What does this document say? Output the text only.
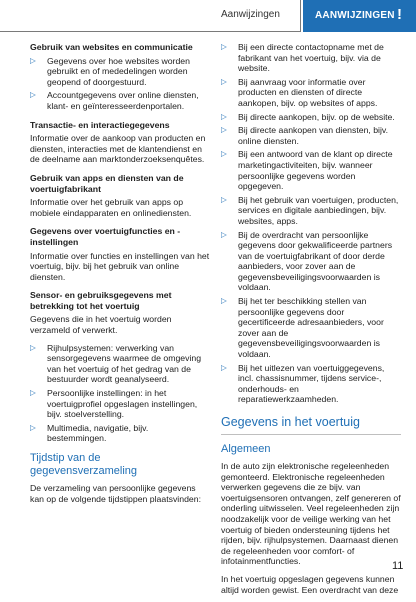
Aanwijzingen	AANWIJZINGEN !
Gebruik van websites en communicatie
▷ Gegevens over hoe websites worden gebruikt en of mededelingen worden geopend of doorgestuurd.
▷ Accountgegevens over online diensten, klant- en geïnteresseerdenportalen.
Transactie- en interactiegegevens
Informatie over de aankoop van producten en diensten, interacties met de klantendienst en de deelname aan marktonderzoeksenquêtes.
Gebruik van apps en diensten van de voertuigfabrikant
Informatie over het gebruik van apps op mobiele eindapparaten en onlinediensten.
Gegevens over voertuigfuncties en -instellingen
Informatie over functies en instellingen van het voertuig, bijv. bij het gebruik van online diensten.
Sensor- en gebruiksgegevens met betrekking tot het voertuig
Gegevens die in het voertuig worden verzameld of verwerkt.
▷ Rijhulpsystemen: verwerking van sensorgegevens waarmee de omgeving van het voertuig of het gedrag van de bestuurder wordt geanalyseerd.
▷ Persoonlijke instellingen: in het voertuigprofiel opgeslagen instellingen, bijv. stoelverstelling.
▷ Multimedia, navigatie, bijv. bestemmingen.
Tijdstip van de gegevensverzameling
De verzameling van persoonlijke gegevens kan op de volgende tijdstippen plaatsvinden:
▷ Bij een directe contactopname met de fabrikant van het voertuig, bijv. via de website.
▷ Bij aanvraag voor informatie over producten en diensten of directe aankopen, bijv. op websites of apps.
▷ Bij directe aankopen, bijv. op de website.
▷ Bij directe aankopen van diensten, bijv. online diensten.
▷ Bij een antwoord van de klant op directe marketingactiviteiten, bijv. wanneer persoonlijke gegevens worden opgegeven.
▷ Bij het gebruik van voertuigen, producten, services en digitale aanbiedingen, bijv. websites, apps.
▷ Bij de overdracht van persoonlijke gegevens door gekwalificeerde partners van de voertuigfabrikant of door derde aanbieders, voor zover aan de gegevensbeveiligingsvoorwaarden is voldaan.
▷ Bij het ter beschikking stellen van persoonlijke gegevens door gecertificeerde adresaanbieders, voor zover aan de gegevensbeveiligingsvoorwaarden is voldaan.
▷ Bij het uitlezen van voertuiggegevens, incl. chassisnummer, tijdens service-, onderhouds- en reparatiewerkzaamheden.
Gegevens in het voertuig
Algemeen
In de auto zijn elektronische regeleenheden gemonteerd. Elektronische regeleenheden verwerken gegevens die ze bijv. van voertuigsensoren ontvangen, zelf genereren of onderling uitwisselen. Veel regeleenheden zijn noodzakelijk voor de veilige werking van het voertuig of bieden ondersteuning tijdens het rijden, bijv. rijhulpsystemen. Daarnaast dienen de regeleenheden voor comfort- of infotainmentfuncties.
In het voertuig opgeslagen gegevens kunnen altijd worden gewist. Een overdracht van deze
11
